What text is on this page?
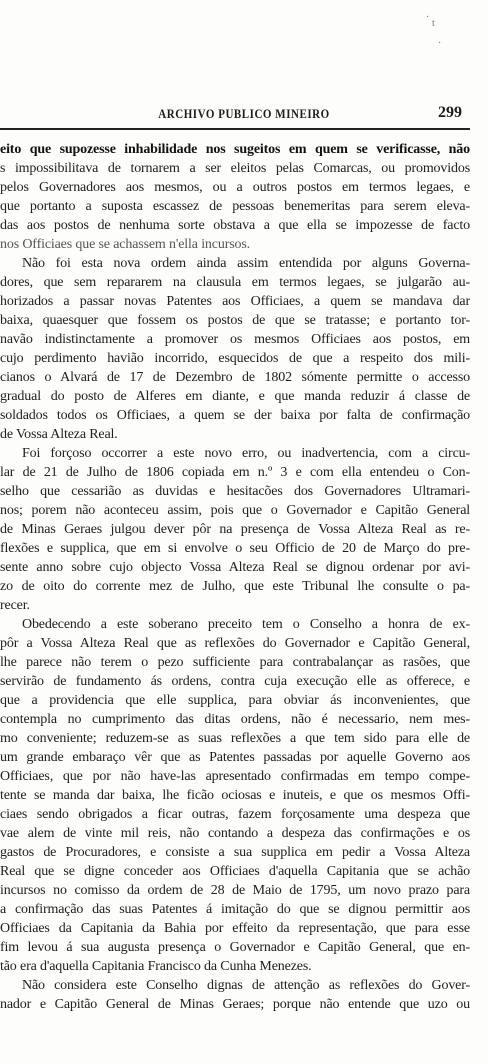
·
t
·
ARCHIVO PUBLICO MINEIRO	299
eito que supozesse inhabilidade nos sugeitos em quem se verificasse, não
s impossibilitava de tornarem a ser eleitos pelas Comarcas, ou promovidos
pelos Governadores aos mesmos, ou a outros postos em termos legaes, e
que portanto a suposta escassez de pessoas benemeritas para serem eleva-
das aos postos de nenhuma sorte obstava a que ella se impozesse de facto
nos Officiaes que se achassem n'ella incursos.
Não foi esta nova ordem ainda assim entendida por alguns Governa-
dores, que sem repararem na clausula em termos legaes, se julgarão au-
horizados a passar novas Patentes aos Officiaes, a quem se mandava dar
baixa, quaesquer que fossem os postos de que se tratasse; e portanto tor-
navão indistinctamente a promover os mesmos Officiaes aos postos, em
cujo perdimento havião incorrido, esquecidos de que a respeito dos mili-
cianos o Alvará de 17 de Dezembro de 1802 sómente permitte o accesso
gradual do posto de Alferes em diante, e que manda reduzir á classe de
soldados todos os Officiaes, a quem se der baixa por falta de confirmação
de Vossa Alteza Real.
Foi forçoso occorrer a este novo erro, ou inadvertencia, com a circu-
lar de 21 de Julho de 1806 copiada em n.º 3 e com ella entendeu o Con-
selho que cessarião as duvidas e hesitacões dos Governadores Ultramari-
nos; porem não aconteceu assim, pois que o Governador e Capitão General
de Minas Geraes julgou dever pôr na presença de Vossa Alteza Real as re-
flexões e supplica, que em si envolve o seu Officio de 20 de Março do pre-
sente anno sobre cujo objecto Vossa Alteza Real se dignou ordenar por avi-
zo de oito do corrente mez de Julho, que este Tribunal lhe consulte o pa-
recer.
Obedecendo a este soberano preceito tem o Conselho a honra de ex-
pôr a Vossa Alteza Real que as reflexões do Governador e Capitão General,
lhe parece não terem o pezo sufficiente para contrabalançar as rasões, que
servirão de fundamento ás ordens, contra cuja execução elle as offerece, e
que a providencia que elle supplica, para obviar ás inconvenientes, que
contempla no cumprimento das ditas ordens, não é necessario, nem mes-
mo conveniente; reduzem-se as suas reflexões a que tem sido para elle de
um grande embaraço vêr que as Patentes passadas por aquelle Governo aos
Officiaes, que por não have-las apresentado confirmadas em tempo compe-
tente se manda dar baixa, lhe ficão ociosas e inuteis, e que os mesmos Offi-
ciaes sendo obrigados a ficar outras, fazem forçosamente uma despeza que
vae alem de vinte mil reis, não contando a despeza das confirmações e os
gastos de Procuradores, e consiste a sua supplica em pedir a Vossa Alteza
Real que se digne conceder aos Officiaes d'aquella Capitania que se achão
incursos no comisso da ordem de 28 de Maio de 1795, um novo prazo para
a confirmação das suas Patentes á imitação do que se dignou permittir aos
Officiaes da Capitania da Bahia por effeito da representação, que para esse
fim levou á sua augusta presença o Governador e Capitão General, que en-
tão era d'aquella Capitania Francisco da Cunha Menezes.
Não considera este Conselho dignas de attenção as reflexões do Gover-
nador e Capitão General de Minas Geraes; porque não entende que uzo ou
